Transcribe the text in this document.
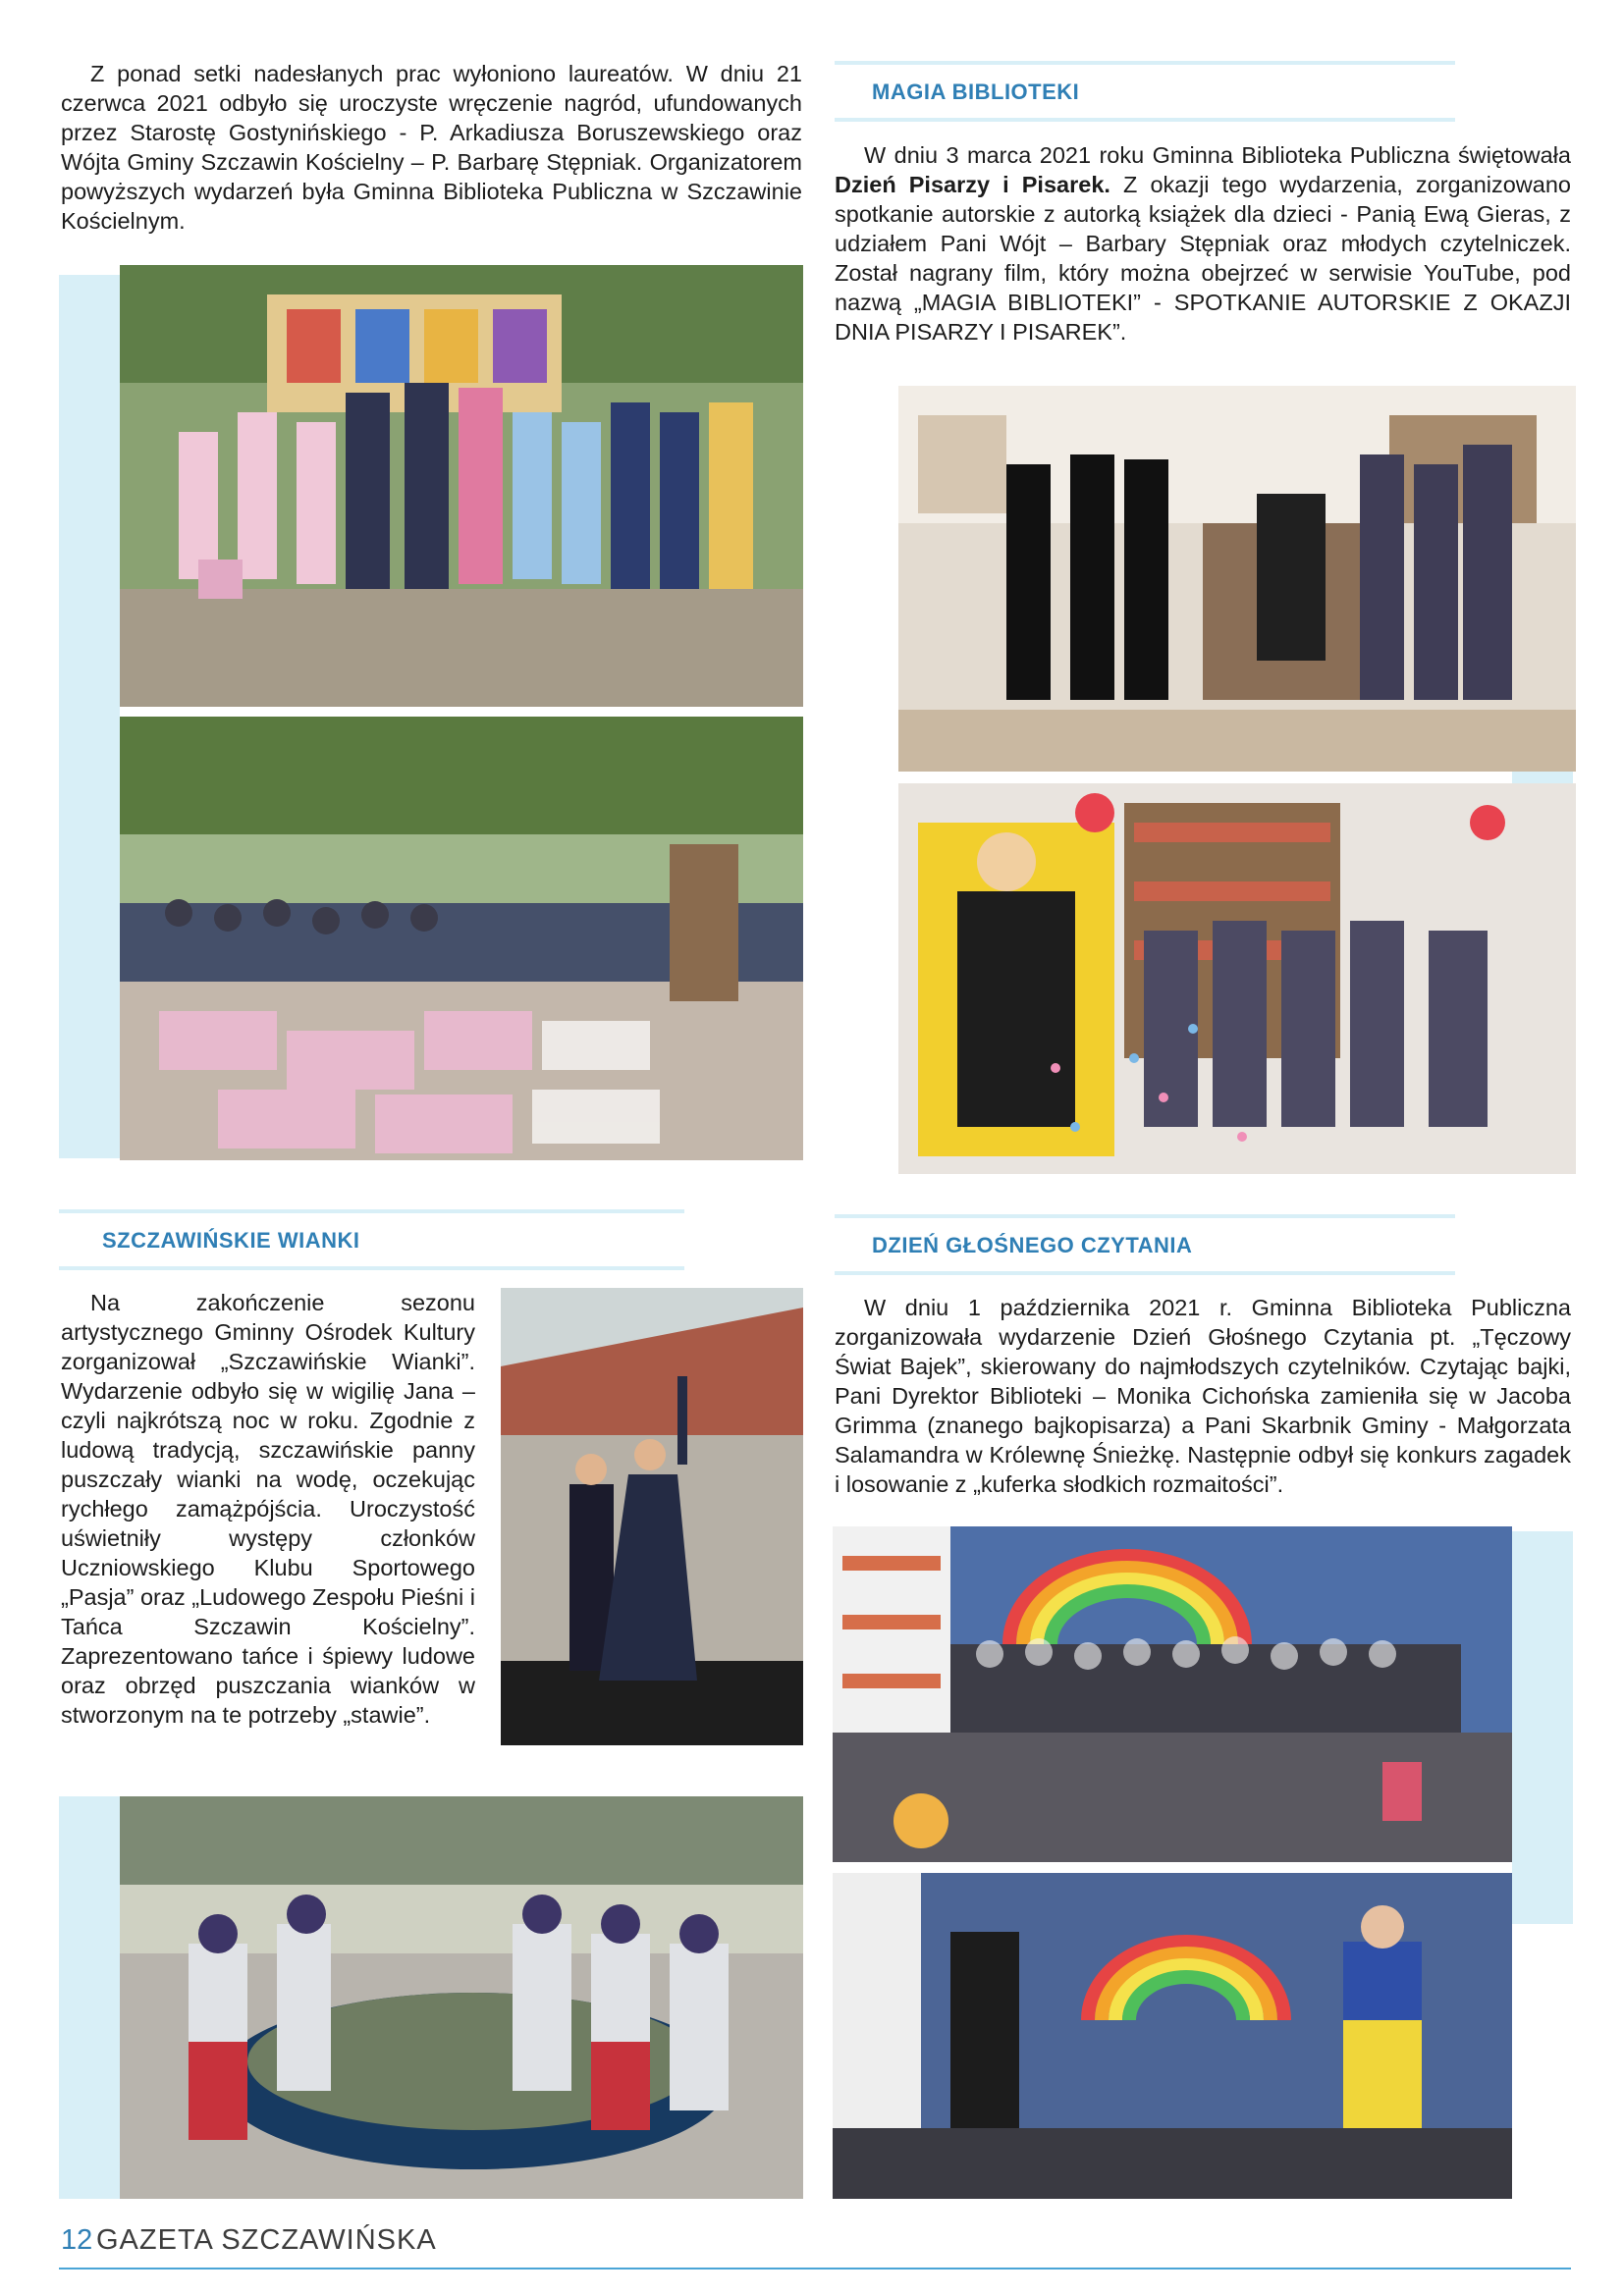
Z ponad setki nadesłanych prac wyłoniono laureatów. W dniu 21 czerwca 2021 odbyło się uroczyste wręczenie nagród, ufundowanych przez Starostę Gostynińskiego - P. Arkadiusza Boruszewskiego oraz Wójta Gminy Szczawin Kościelny – P. Barbarę Stępniak. Organizatorem powyższych wydarzeń była Gminna Biblioteka Publiczna w Szczawinie Kościelnym.

MAGIA BIBLIOTEKI

W dniu 3 marca 2021 roku Gminna Biblioteka Publiczna świętowała Dzień Pisarzy i Pisarek. Z okazji tego wydarzenia, zorganizowano spotkanie autorskie z autorką książek dla dzieci - Panią Ewą Gieras, z udziałem Pani Wójt – Barbary Stępniak oraz młodych czytelniczek. Został nagrany film, który można obejrzeć w serwisie YouTube, pod nazwą „MAGIA BIBLIOTEKI” - SPOTKANIE AUTORSKIE Z OKAZJI DNIA PISARZY I PISAREK”.

SZCZAWIŃSKIE WIANKI

Na zakończenie sezonu artystycznego Gminny Ośrodek Kultury zorganizował „Szczawińskie Wianki”. Wydarzenie odbyło się w wigilię Jana – czyli najkrótszą noc w roku. Zgodnie z ludową tradycją, szczawińskie panny puszczały wianki na wodę, oczekując rychłego zamążpójścia. Uroczystość uświetniły występy członków Uczniowskiego Klubu Sportowego „Pasja” oraz „Ludowego Zespołu Pieśni i Tańca Szczawin Kościelny”. Zaprezentowano tańce i śpiewy ludowe oraz obrzęd puszczania wianków w stworzonym na te potrzeby „stawie”.

DZIEŃ GŁOŚNEGO CZYTANIA

W dniu 1 października 2021 r. Gminna Biblioteka Publiczna zorganizowała wydarzenie Dzień Głośnego Czytania pt. „Tęczowy Świat Bajek”, skierowany do najmłodszych czytelników. Czytając bajki, Pani Dyrektor Biblioteki – Monika Cichońska zamieniła się w Jacoba Grimma (znanego bajkopisarza) a Pani Skarbnik Gminy - Małgorzata Salamandra w Królewnę Śnieżkę. Następnie odbył się konkurs zagadek i losowanie z „kuferka słodkich rozmaitości”.

12 GAZETA SZCZAWIŃSKA
